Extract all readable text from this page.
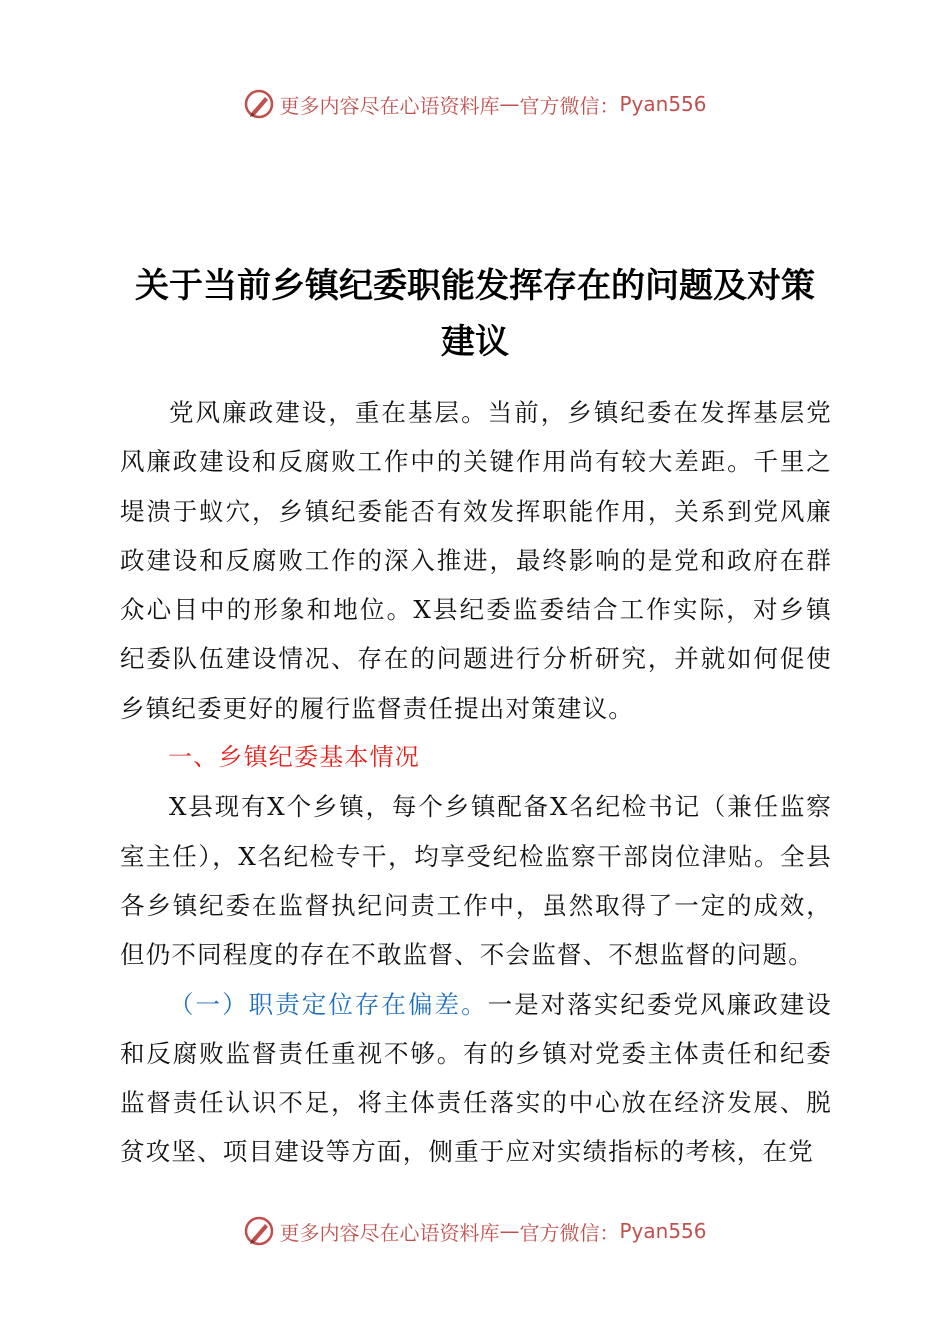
更多内容尽在心语资料库 — 官方微信： Pyan556
关于当前乡镇纪委职能发挥存在的问题及对策
建议

党风廉政建设，重在基层。当前，乡镇纪委在发挥基层党风廉政建设和反腐败工作中的关键作用尚有较大差距。千里之堤溃于蚁穴，乡镇纪委能否有效发挥职能作用，关系到党风廉政建设和反腐败工作的深入推进，最终影响的是党和政府在群众心目中的形象和地位。X县纪委监委结合工作实际，对乡镇纪委队伍建设情况、存在的问题进行分析研究，并就如何促使乡镇纪委更好的履行监督责任提出对策建议。

一、乡镇纪委基本情况

X县现有X个乡镇，每个乡镇配备X名纪检书记（兼任监察室主任），X名纪检专干，均享受纪检监察干部岗位津贴。全县各乡镇纪委在监督执纪问责工作中，虽然取得了一定的成效，但仍不同程度的存在不敢监督、不会监督、不想监督的问题。

（一）职责定位存在偏差。一是对落实纪委党风廉政建设和反腐败监督责任重视不够。有的乡镇对党委主体责任和纪委监督责任认识不足，将主体责任落实的中心放在经济发展、脱贫攻坚、项目建设等方面，侧重于应对实绩指标的考核，在党

更多内容尽在心语资料库 — 官方微信： Pyan556
